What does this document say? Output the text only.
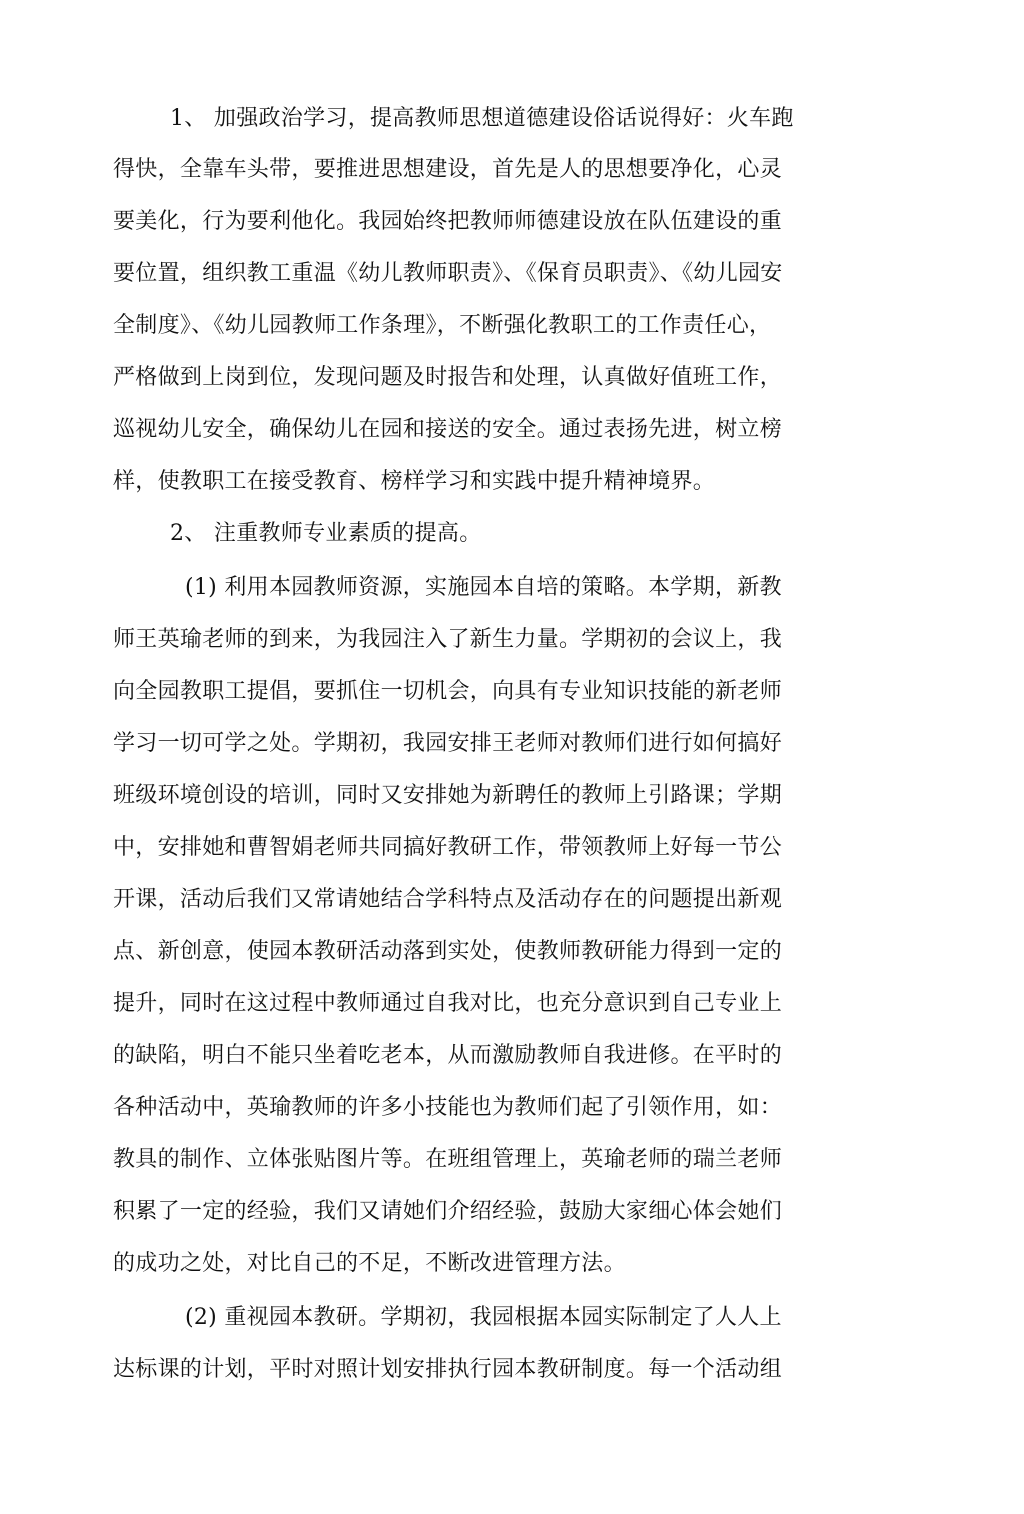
1、 加强政治学习，提高教师思想道德建设俗话说得好：火车跑
得快，全靠车头带，要推进思想建设，首先是人的思想要净化，心灵
要美化，行为要利他化。我园始终把教师师德建设放在队伍建设的重
要位置，组织教工重温《幼儿教师职责》、《保育员职责》、《幼儿园安
全制度》、《幼儿园教师工作条理》，不断强化教职工的工作责任心，
严格做到上岗到位，发现问题及时报告和处理，认真做好值班工作，
巡视幼儿安全，确保幼儿在园和接送的安全。通过表扬先进，树立榜
样，使教职工在接受教育、榜样学习和实践中提升精神境界。
2、 注重教师专业素质的提高。
(1) 利用本园教师资源，实施园本自培的策略。本学期，新教
师王英瑜老师的到来，为我园注入了新生力量。学期初的会议上，我
向全园教职工提倡，要抓住一切机会，向具有专业知识技能的新老师
学习一切可学之处。学期初，我园安排王老师对教师们进行如何搞好
班级环境创设的培训，同时又安排她为新聘任的教师上引路课；学期
中，安排她和曹智娟老师共同搞好教研工作，带领教师上好每一节公
开课，活动后我们又常请她结合学科特点及活动存在的问题提出新观
点、新创意，使园本教研活动落到实处，使教师教研能力得到一定的
提升，同时在这过程中教师通过自我对比，也充分意识到自己专业上
的缺陷，明白不能只坐着吃老本，从而激励教师自我进修。在平时的
各种活动中，英瑜教师的许多小技能也为教师们起了引领作用，如：
教具的制作、立体张贴图片等。在班组管理上，英瑜老师的瑞兰老师
积累了一定的经验，我们又请她们介绍经验，鼓励大家细心体会她们
的成功之处，对比自己的不足，不断改进管理方法。
(2) 重视园本教研。学期初，我园根据本园实际制定了人人上
达标课的计划，平时对照计划安排执行园本教研制度。每一个活动组
